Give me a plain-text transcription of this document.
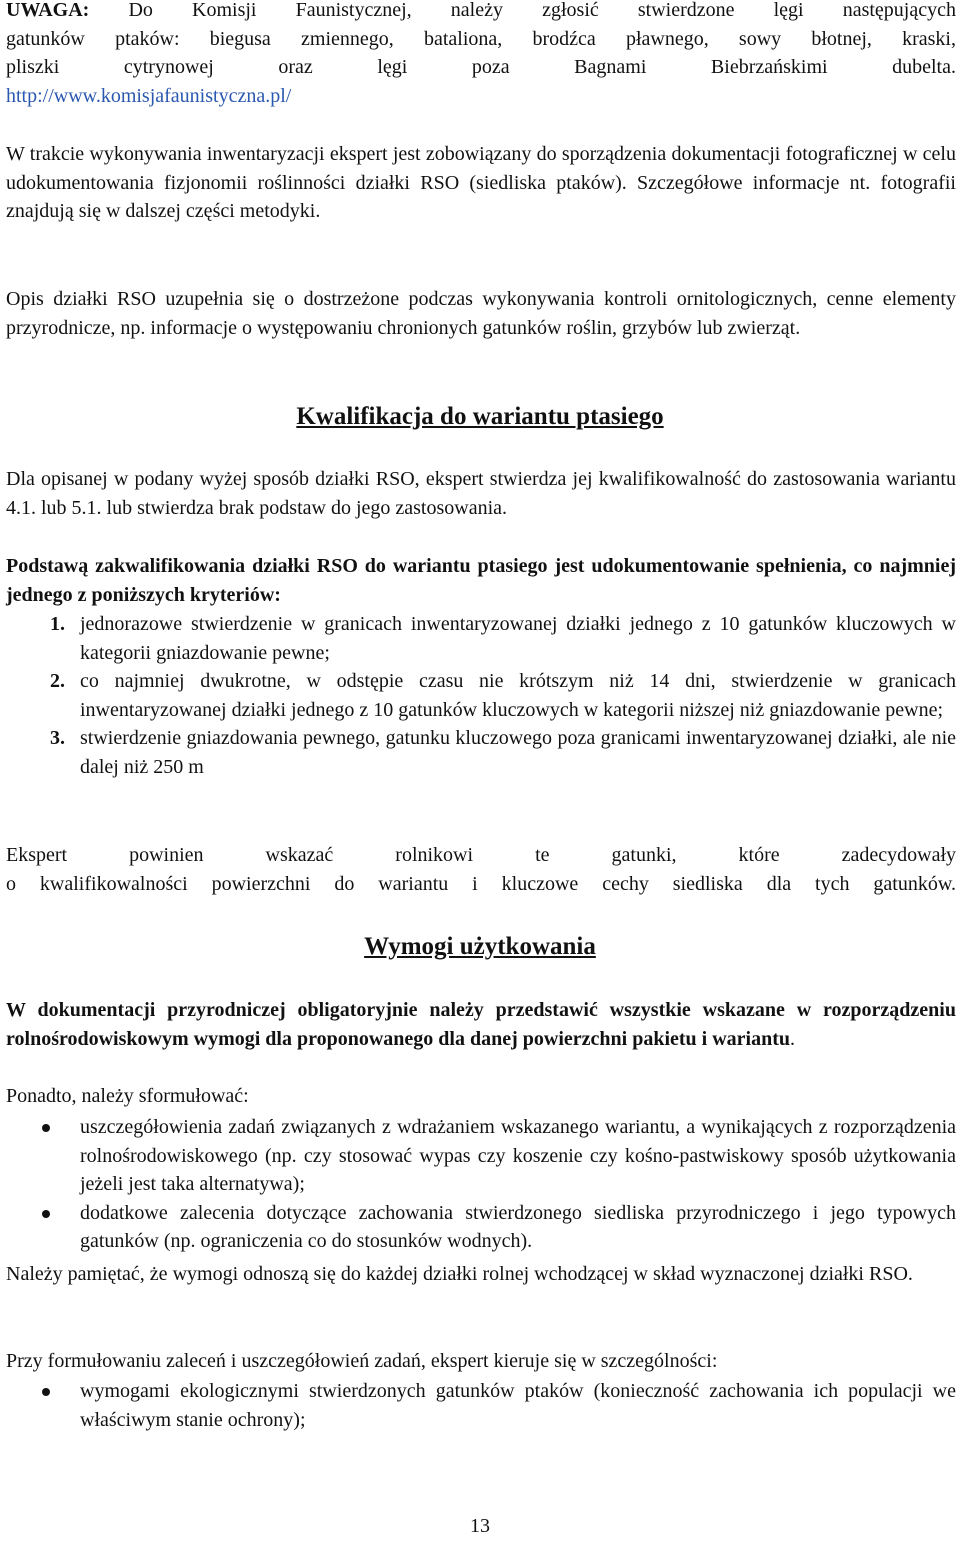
UWAGA: Do Komisji Faunistycznej, należy zgłosić stwierdzone lęgi następujących
gatunków ptaków: biegusa zmiennego, bataliona, brodźca pławnego, sowy błotnej, kraski,
pliszki cytrynowej oraz lęgi poza Bagnami Biebrzańskimi dubelta.
http://www.komisjafaunistyczna.pl/

W trakcie wykonywania inwentaryzacji ekspert jest zobowiązany do sporządzenia dokumentacji fotograficznej w celu udokumentowania fizjonomii roślinności działki RSO (siedliska ptaków). Szczegółowe informacje nt. fotografii znajdują się w dalszej części metodyki.

Opis działki RSO uzupełnia się o dostrzeżone podczas wykonywania kontroli ornitologicznych, cenne elementy przyrodnicze, np. informacje o występowaniu chronionych gatunków roślin, grzybów lub zwierząt.

Kwalifikacja do wariantu ptasiego

Dla opisanej w podany wyżej sposób działki RSO, ekspert stwierdza jej kwalifikowalność do zastosowania wariantu 4.1. lub 5.1. lub stwierdza brak podstaw do jego zastosowania.

Podstawą zakwalifikowania działki RSO do wariantu ptasiego jest udokumentowanie spełnienia, co najmniej jednego z poniższych kryteriów:

1. jednorazowe stwierdzenie w granicach inwentaryzowanej działki jednego z 10 gatunków kluczowych w kategorii gniazdowanie pewne;
2. co najmniej dwukrotne, w odstępie czasu nie krótszym niż 14 dni, stwierdzenie w granicach inwentaryzowanej działki jednego z 10 gatunków kluczowych w kategorii niższej niż gniazdowanie pewne;
3. stwierdzenie gniazdowania pewnego, gatunku kluczowego poza granicami inwentaryzowanej działki, ale nie dalej niż 250 m
Ekspert powinien wskazać rolnikowi te gatunki, które zadecydowały
o kwalifikowalności powierzchni do wariantu i kluczowe cechy siedliska dla tych gatunków.
Wymogi użytkowania

W dokumentacji przyrodniczej obligatoryjnie należy przedstawić wszystkie wskazane w rozporządzeniu rolnośrodowiskowym wymogi dla proponowanego dla danej powierzchni pakietu i wariantu.

Ponadto, należy sformułować:

uszczegółowienia zadań związanych z wdrażaniem wskazanego wariantu, a wynikających z rozporządzenia rolnośrodowiskowego (np. czy stosować wypas czy koszenie czy kośno-pastwiskowy sposób użytkowania jeżeli jest taka alternatywa);
dodatkowe zalecenia dotyczące zachowania stwierdzonego siedliska przyrodniczego i jego typowych gatunków (np. ograniczenia co do stosunków wodnych).

Należy pamiętać, że wymogi odnoszą się do każdej działki rolnej wchodzącej w skład wyznaczonej działki RSO.

Przy formułowaniu zaleceń i uszczegółowień zadań, ekspert kieruje się w szczególności:

wymogami ekologicznymi stwierdzonych gatunków ptaków (konieczność zachowania ich populacji we właściwym stanie ochrony);
13
